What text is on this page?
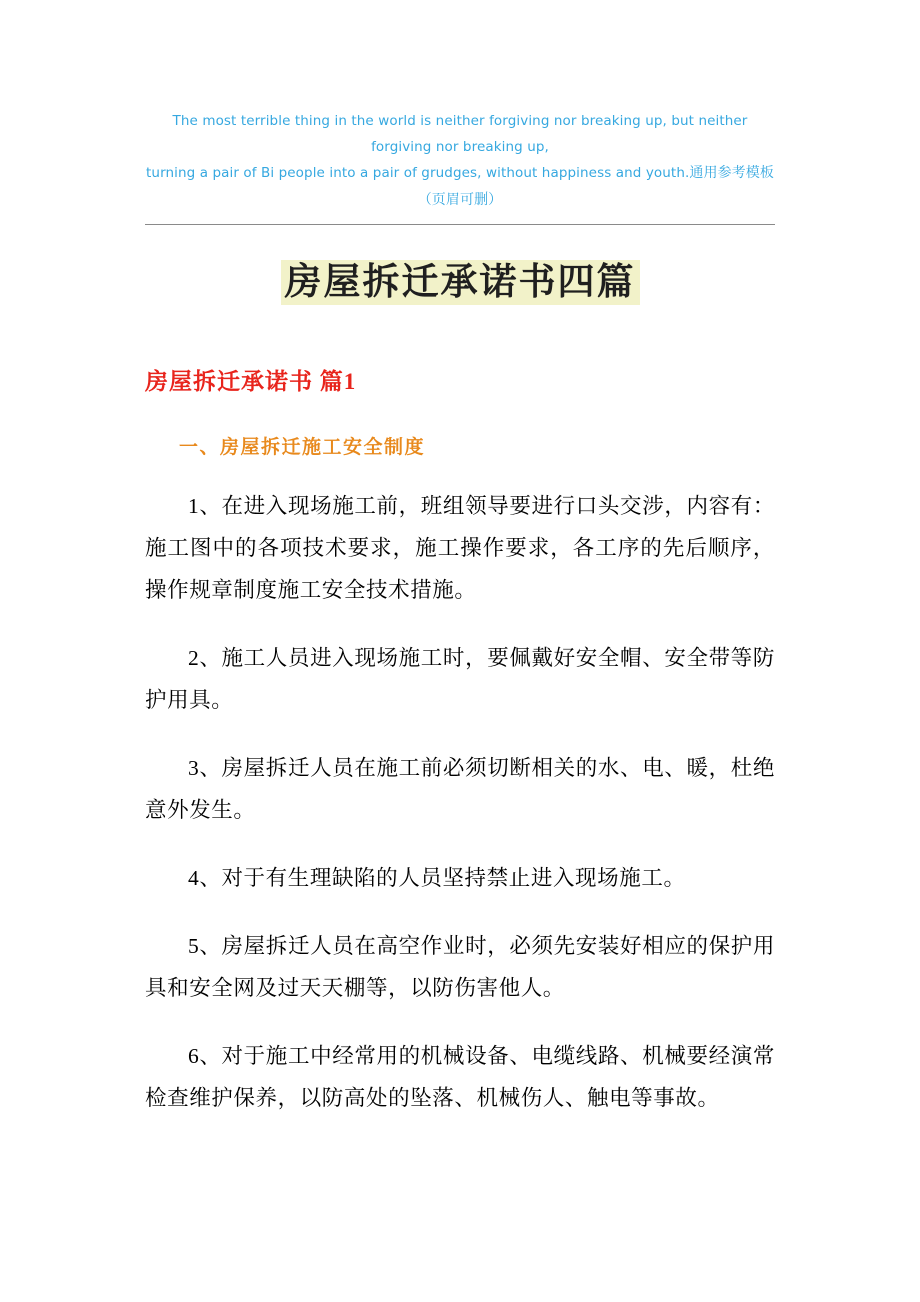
The most terrible thing in the world is neither forgiving nor breaking up, but neither forgiving nor breaking up,
turning a pair of Bi people into a pair of grudges, without happiness and youth.通用参考模板（页眉可删）
房屋拆迁承诺书四篇
房屋拆迁承诺书 篇1
一、房屋拆迁施工安全制度

1、在进入现场施工前，班组领导要进行口头交涉，内容有：施工图中的各项技术要求，施工操作要求，各工序的先后顺序，操作规章制度施工安全技术措施。

2、施工人员进入现场施工时，要佩戴好安全帽、安全带等防护用具。

3、房屋拆迁人员在施工前必须切断相关的水、电、暖，杜绝意外发生。

4、对于有生理缺陷的人员坚持禁止进入现场施工。

5、房屋拆迁人员在高空作业时，必须先安装好相应的保护用具和安全网及过天天棚等，以防伤害他人。

6、对于施工中经常用的机械设备、电缆线路、机械要经演常检查维护保养，以防高处的坠落、机械伤人、触电等事故。
